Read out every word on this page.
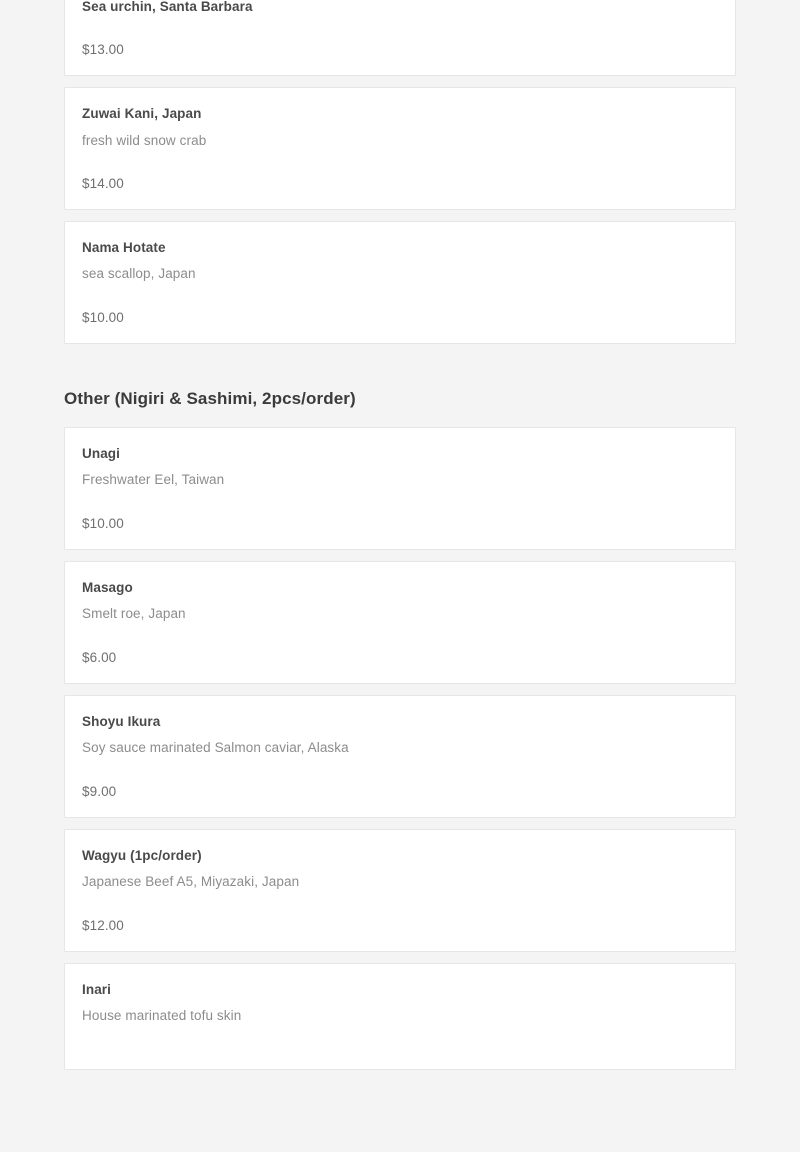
Sea urchin, Santa Barbara

$13.00

Zuwai Kani, Japan

fresh wild snow crab

$14.00

Nama Hotate

sea scallop, Japan

$10.00

Other (Nigiri & Sashimi, 2pcs/order)

Unagi

Freshwater Eel, Taiwan

$10.00

Masago

Smelt roe, Japan

$6.00

Shoyu Ikura

Soy sauce marinated Salmon caviar, Alaska

$9.00

Wagyu (1pc/order)

Japanese Beef A5, Miyazaki, Japan

$12.00

Inari

House marinated tofu skin
